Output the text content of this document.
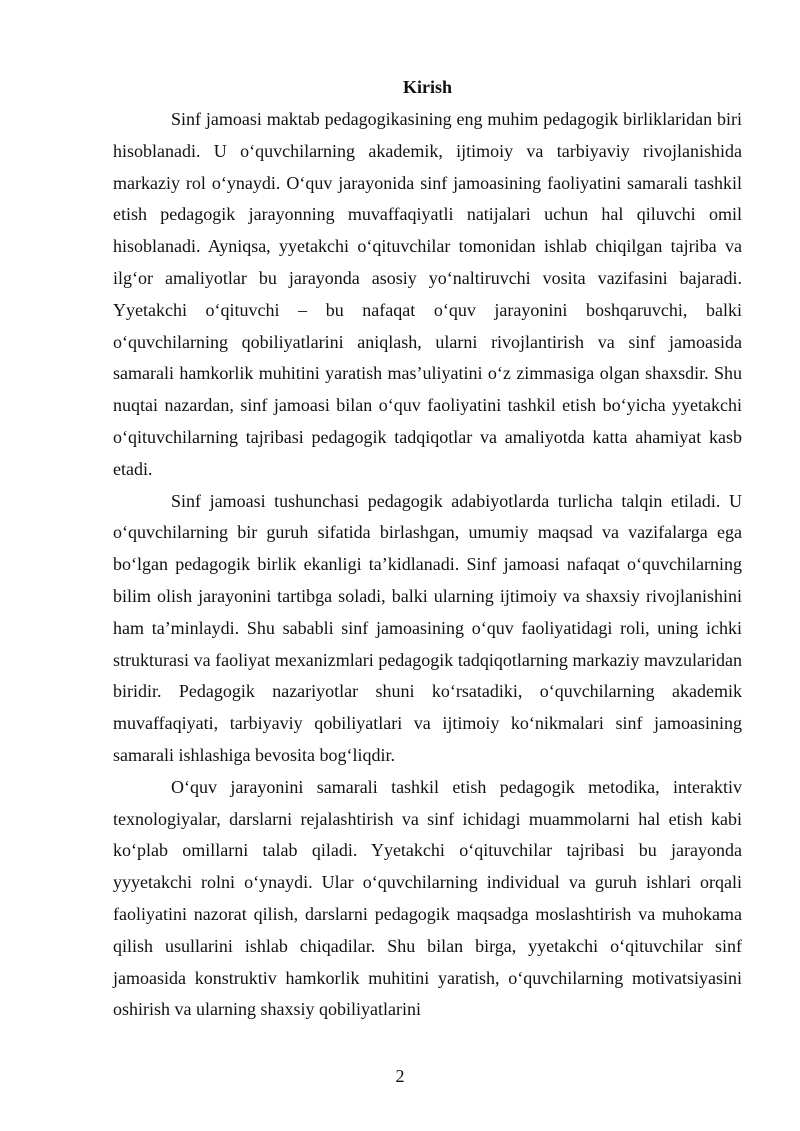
Kirish

Sinf jamoasi maktab pedagogikasining eng muhim pedagogik birliklaridan biri hisoblanadi. U o‘quvchilarning akademik, ijtimoiy va tarbiyaviy rivojlanishida markaziy rol o‘ynaydi. O‘quv jarayonida sinf jamoasining faoliyatini samarali tashkil etish pedagogik jarayonning muvaffaqiyatli natijalari uchun hal qiluvchi omil hisoblanadi. Ayniqsa, yyetakchi o‘qituvchilar tomonidan ishlab chiqilgan tajriba va ilg‘or amaliyotlar bu jarayonda asosiy yo‘naltiruvchi vosita vazifasini bajaradi. Yyetakchi o‘qituvchi – bu nafaqat o‘quv jarayonini boshqaruvchi, balki o‘quvchilarning qobiliyatlarini aniqlash, ularni rivojlantirish va sinf jamoasida samarali hamkorlik muhitini yaratish mas’uliyatini o‘z zimmasiga olgan shaxsdir. Shu nuqtai nazardan, sinf jamoasi bilan o‘quv faoliyatini tashkil etish bo‘yicha yyetakchi o‘qituvchilarning tajribasi pedagogik tadqiqotlar va amaliyotda katta ahamiyat kasb etadi.

Sinf jamoasi tushunchasi pedagogik adabiyotlarda turlicha talqin etiladi. U o‘quvchilarning bir guruh sifatida birlashgan, umumiy maqsad va vazifalarga ega bo‘lgan pedagogik birlik ekanligi ta’kidlanadi. Sinf jamoasi nafaqat o‘quvchilarning bilim olish jarayonini tartibga soladi, balki ularning ijtimoiy va shaxsiy rivojlanishini ham ta’minlaydi. Shu sababli sinf jamoasining o‘quv faoliyatidagi roli, uning ichki strukturasi va faoliyat mexanizmlari pedagogik tadqiqotlarning markaziy mavzularidan biridir. Pedagogik nazariyotlar shuni ko‘rsatadiki, o‘quvchilarning akademik muvaffaqiyati, tarbiyaviy qobiliyatlari va ijtimoiy ko‘nikmalari sinf jamoasining samarali ishlashiga bevosita bog‘liqdir.

O‘quv jarayonini samarali tashkil etish pedagogik metodika, interaktiv texnologiyalar, darslarni rejalashtirish va sinf ichidagi muammolarni hal etish kabi ko‘plab omillarni talab qiladi. Yyetakchi o‘qituvchilar tajribasi bu jarayonda yyyetakchi rolni o‘ynaydi. Ular o‘quvchilarning individual va guruh ishlari orqali faoliyatini nazorat qilish, darslarni pedagogik maqsadga moslashtirish va muhokama qilish usullarini ishlab chiqadilar. Shu bilan birga, yyetakchi o‘qituvchilar sinf jamoasida konstruktiv hamkorlik muhitini yaratish, o‘quvchilarning motivatsiyasini oshirish va ularning shaxsiy qobiliyatlarini

2
